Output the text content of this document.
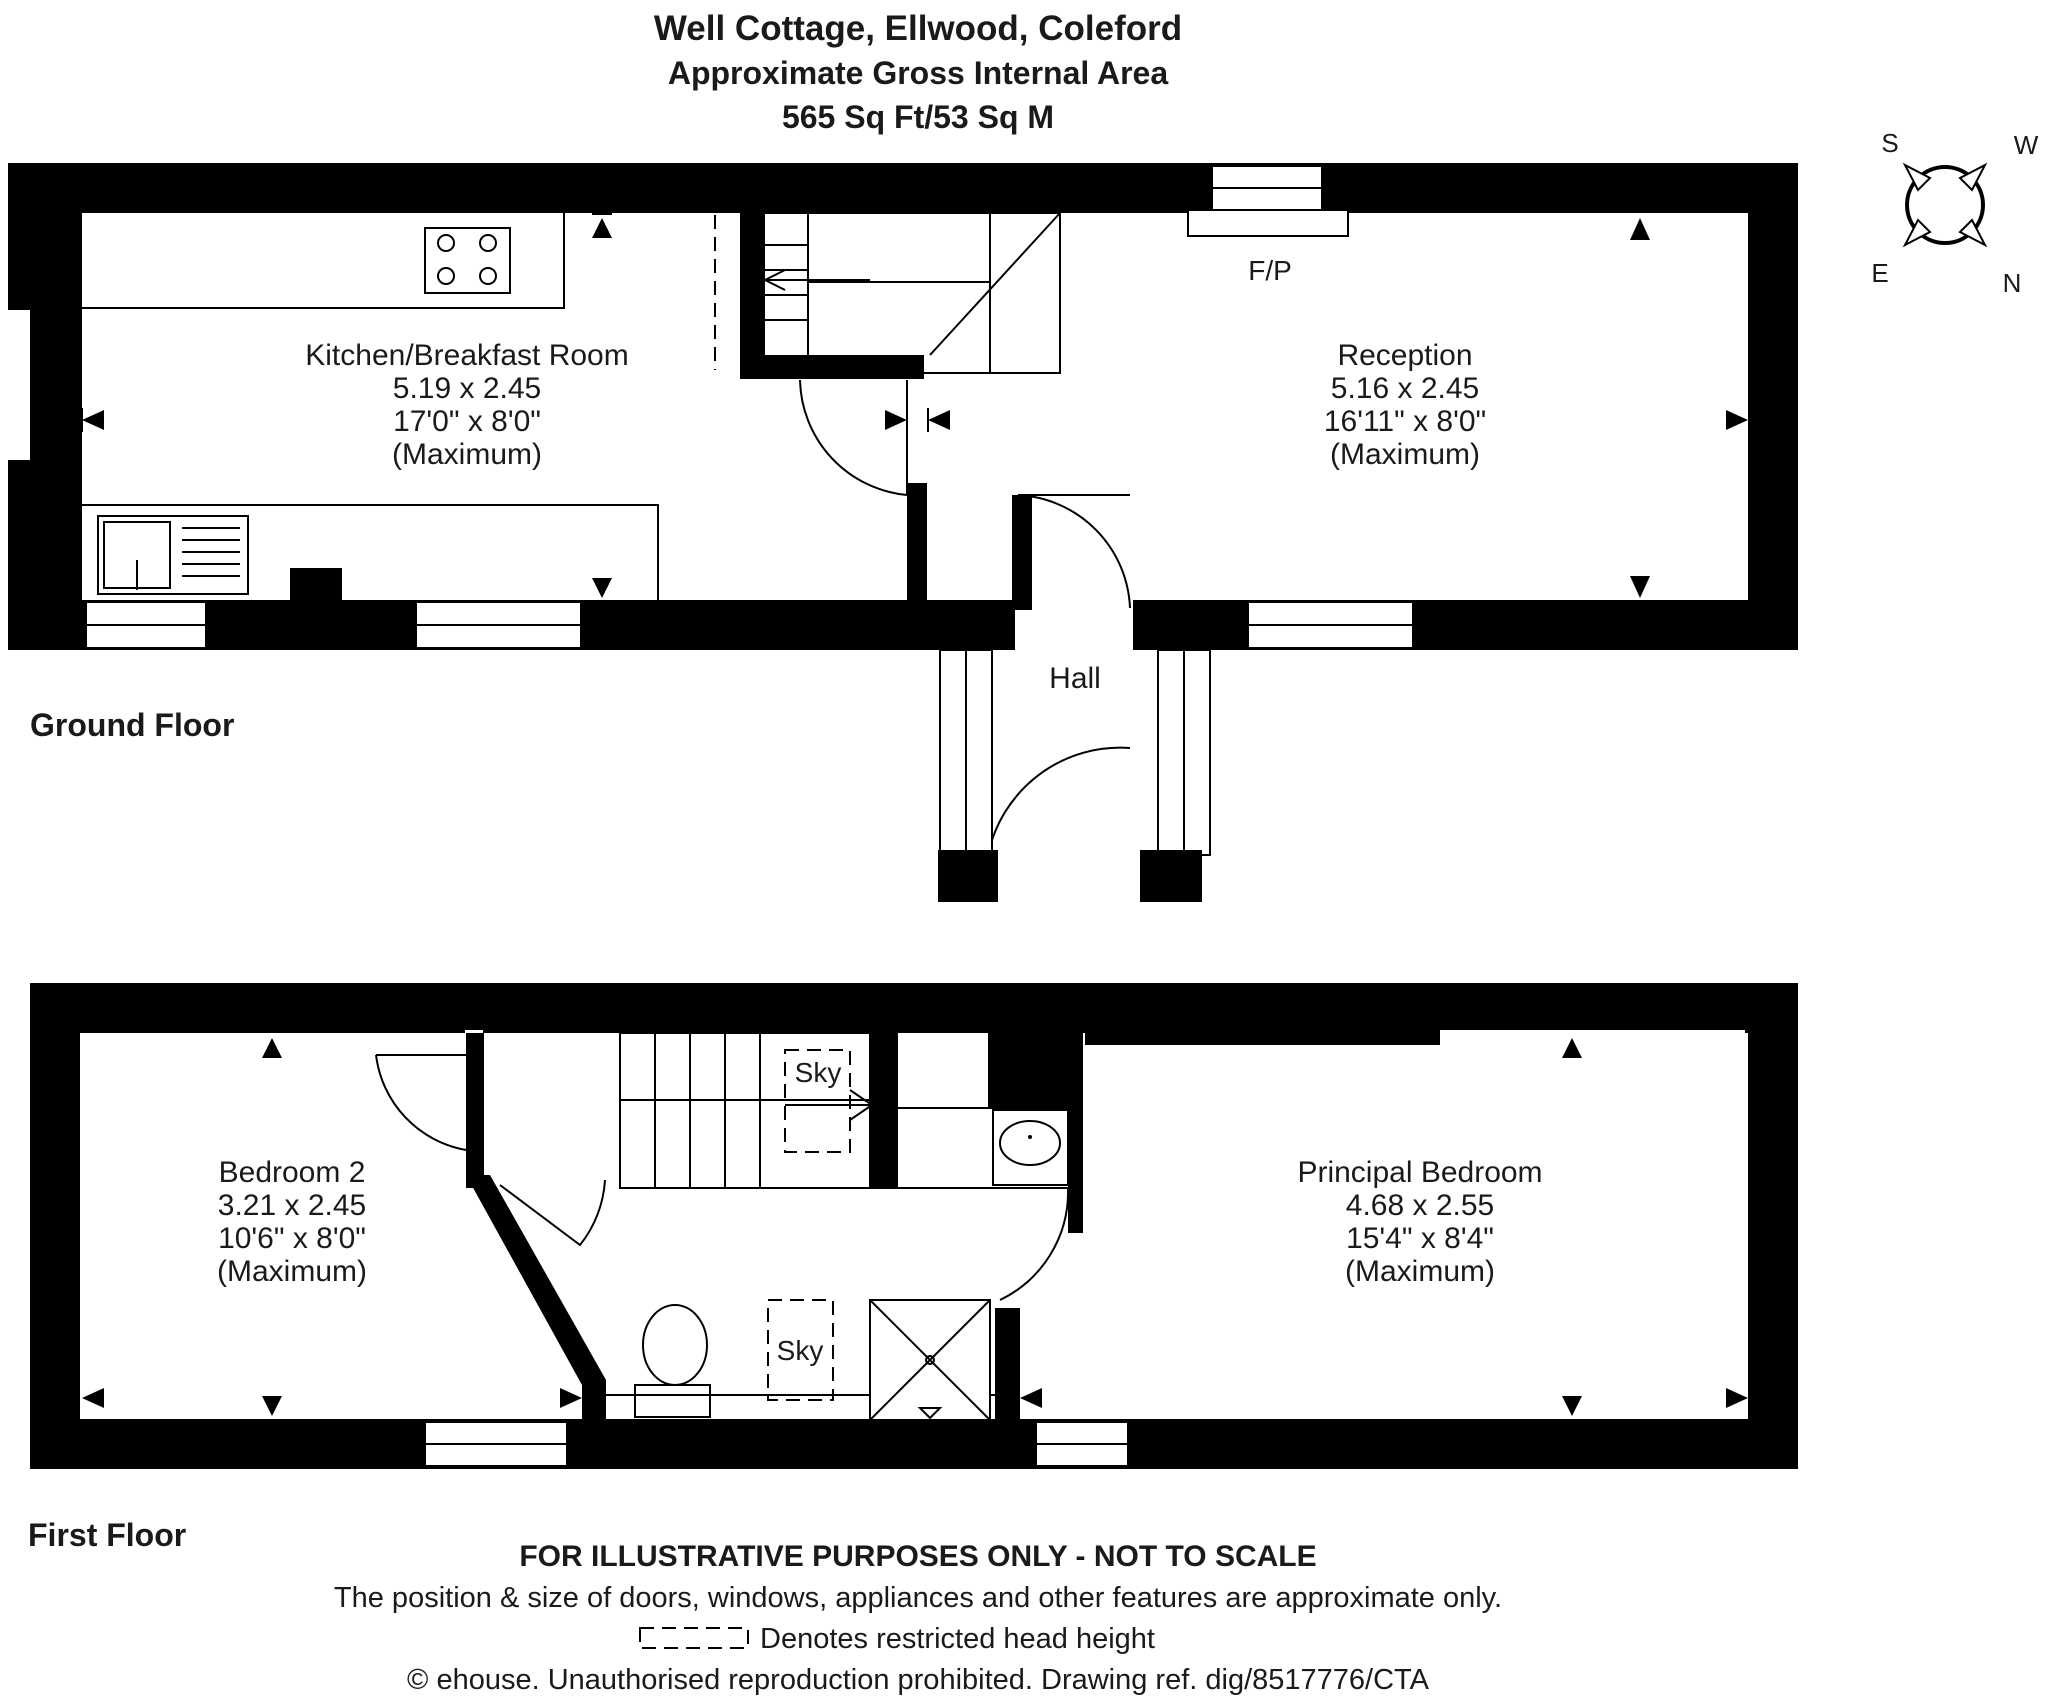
Well Cottage, Ellwood, Coleford
Approximate Gross Internal Area
565 Sq Ft/53 Sq M
S	W
E	N
Kitchen/Breakfast Room
5.19 x 2.45
17'0" x 8'0"
(Maximum)
Reception
5.16 x 2.45
16'11" x 8'0"
(Maximum)
F/P
Hall
Ground Floor
Bedroom 2
3.21 x 2.45
10'6" x 8'0"
(Maximum)
Principal Bedroom
4.68 x 2.55
15'4" x 8'4"
(Maximum)
Sky
Sky
First Floor
FOR ILLUSTRATIVE PURPOSES ONLY - NOT TO SCALE
The position & size of doors, windows, appliances and other features are approximate only.
Denotes restricted head height
© ehouse. Unauthorised reproduction prohibited. Drawing ref. dig/8517776/CTA
